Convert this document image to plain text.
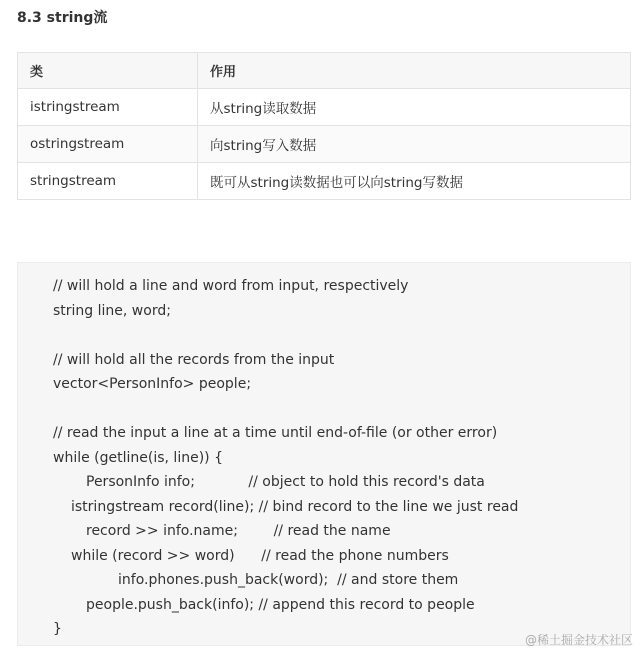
8.3 string流
类	作用
istringstream	从string读取数据
ostringstream	向string写入数据
stringstream	既可从string读数据也可以向string写数据
// will hold a line and word from input, respectively
string line, word;
// will hold all the records from the input
vector<PersonInfo> people;
// read the input a line at a time until end-of-file (or other error)
while (getline(is, line)) {
PersonInfo info;            // object to hold this record's data
istringstream record(line); // bind record to the line we just read
record >> info.name;        // read the name
while (record >> word)      // read the phone numbers
info.phones.push_back(word);  // and store them
people.push_back(info); // append this record to people
}
@稀土掘金技术社区
